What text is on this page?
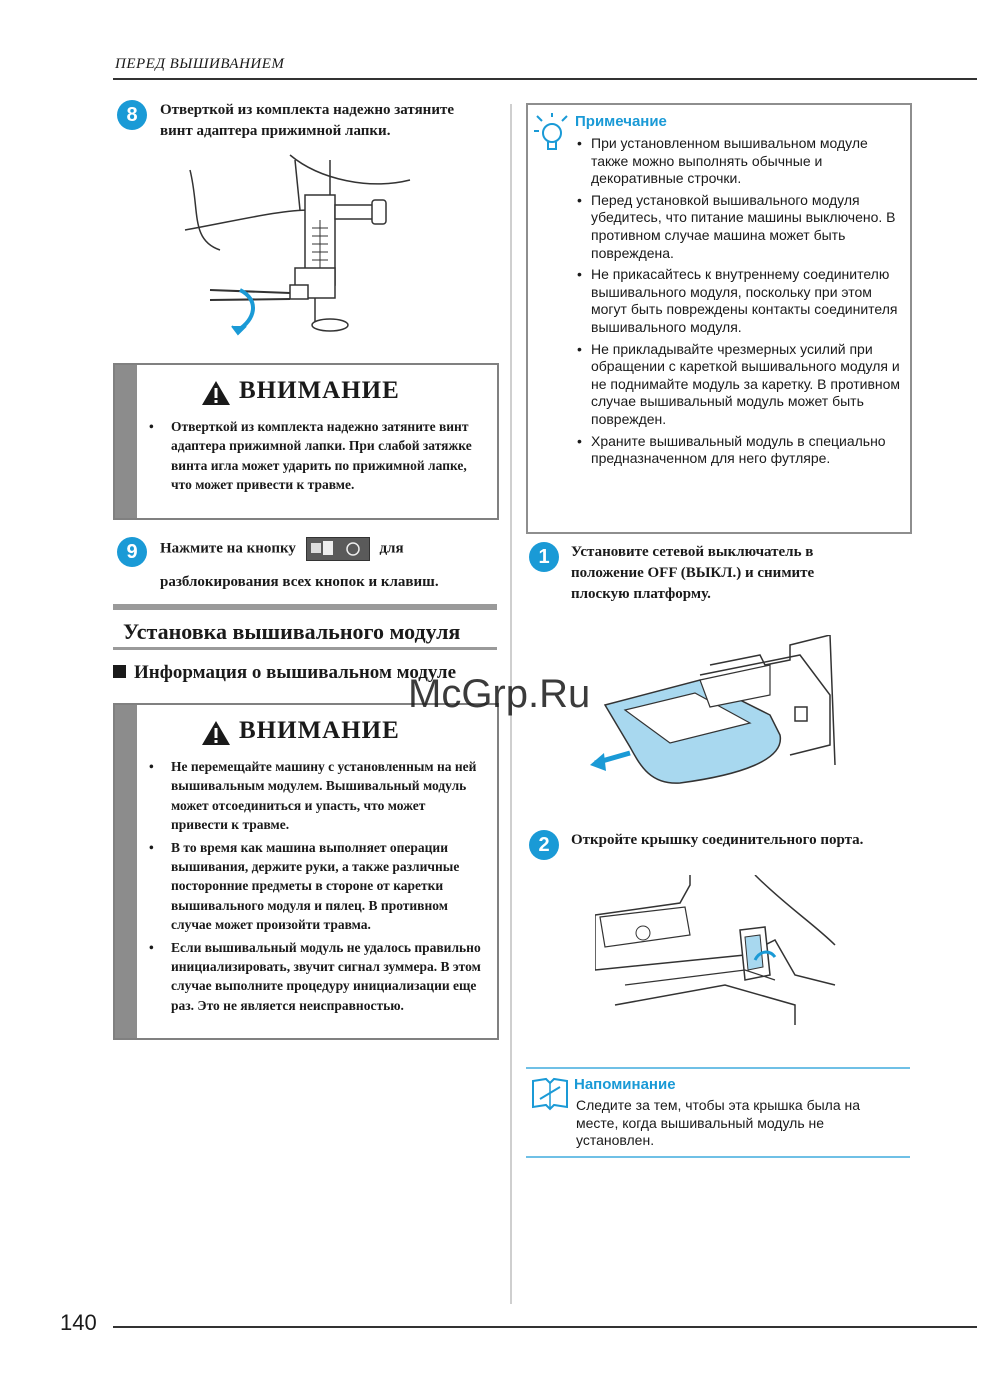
ПЕРЕД ВЫШИВАНИЕМ
8	Отверткой из комплекта надежно затяните
винт адаптера прижимной лапки.
ВНИМАНИЕ
• Отверткой из комплекта надежно затяните винт адаптера прижимной лапки. При слабой затяжке винта игла может ударить по прижимной лапке, что может привести к травме.
9	Нажмите на кнопку	для
разблокирования всех кнопок и клавиш.
Установка вышивального модуля
Информация о вышивальном модуле
ВНИМАНИЕ
• Не перемещайте машину с установленным на ней вышивальным модулем. Вышивальный модуль может отсоединиться и упасть, что может привести к травме.
• В то время как машина выполняет операции вышивания, держите руки, а также различные посторонние предметы в стороне от каретки вышивального модуля и пялец. В противном случае может произойти травма.
• Если вышивальный модуль не удалось правильно инициализировать, звучит сигнал зуммера. В этом случае выполните процедуру инициализации еще раз. Это не является неисправностью.
Примечание
• При установленном вышивальном модуле также можно выполнять обычные и декоративные строчки.
• Перед установкой вышивального модуля убедитесь, что питание машины выключено. В противном случае машина может быть повреждена.
• Не прикасайтесь к внутреннему соединителю вышивального модуля, поскольку при этом могут быть повреждены контакты соединителя вышивального модуля.
• Не прикладывайте чрезмерных усилий при обращении с кареткой вышивального модуля и не поднимайте модуль за каретку. В противном случае вышивальный модуль может быть поврежден.
• Храните вышивальный модуль в специально предназначенном для него футляре.
1	Установите сетевой выключатель в
положение OFF (ВЫКЛ.) и снимите
плоскую платформу.
2	Откройте крышку соединительного порта.
Напоминание
Следите за тем, чтобы эта крышка была на
месте, когда вышивальный модуль не
установлен.
McGrp.Ru
140
